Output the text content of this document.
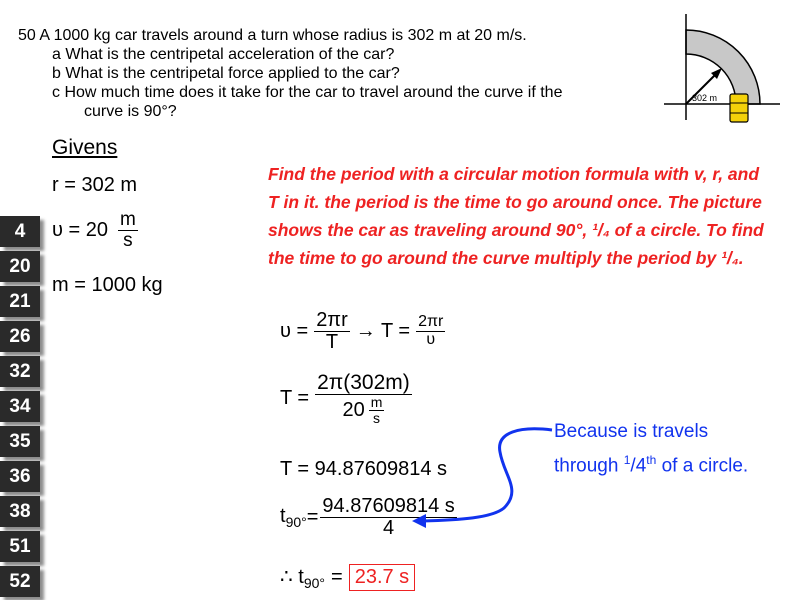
50 A 1000 kg car travels around a turn whose radius is 302 m at 20 m/s.
a What is the centripetal acceleration of the car?
b What is the centripetal force applied to the car?
c How much time does it take for the car to travel around the curve if the
curve is 90°?
302 m
Givens
r = 302 m
$\upsilon = 20 \frac{m}{s}$
m = 1000 kg
4
20
21
26
32
34
35
36
38
51
52
Find the period with a circular motion formula with v, r, and T in it. the period is the time to go around once. The picture shows the car as traveling around 90°, ¹/₄ of a circle. To find the time to go around the curve multiply the period by ¹/₄.
$\upsilon = \frac{2\pi r}{T} \to T = \frac{2\pi r}{\upsilon}$
$T = \frac{2\pi(302m)}{20 \frac{m}{s}}$
T = 94.87609814 s
$t_{90^\circ} = \frac{94.87609814 s}{4}$
∴ $t_{90^\circ} = 23.7$ s
Because is travels
through $^1$/4th of a circle.
